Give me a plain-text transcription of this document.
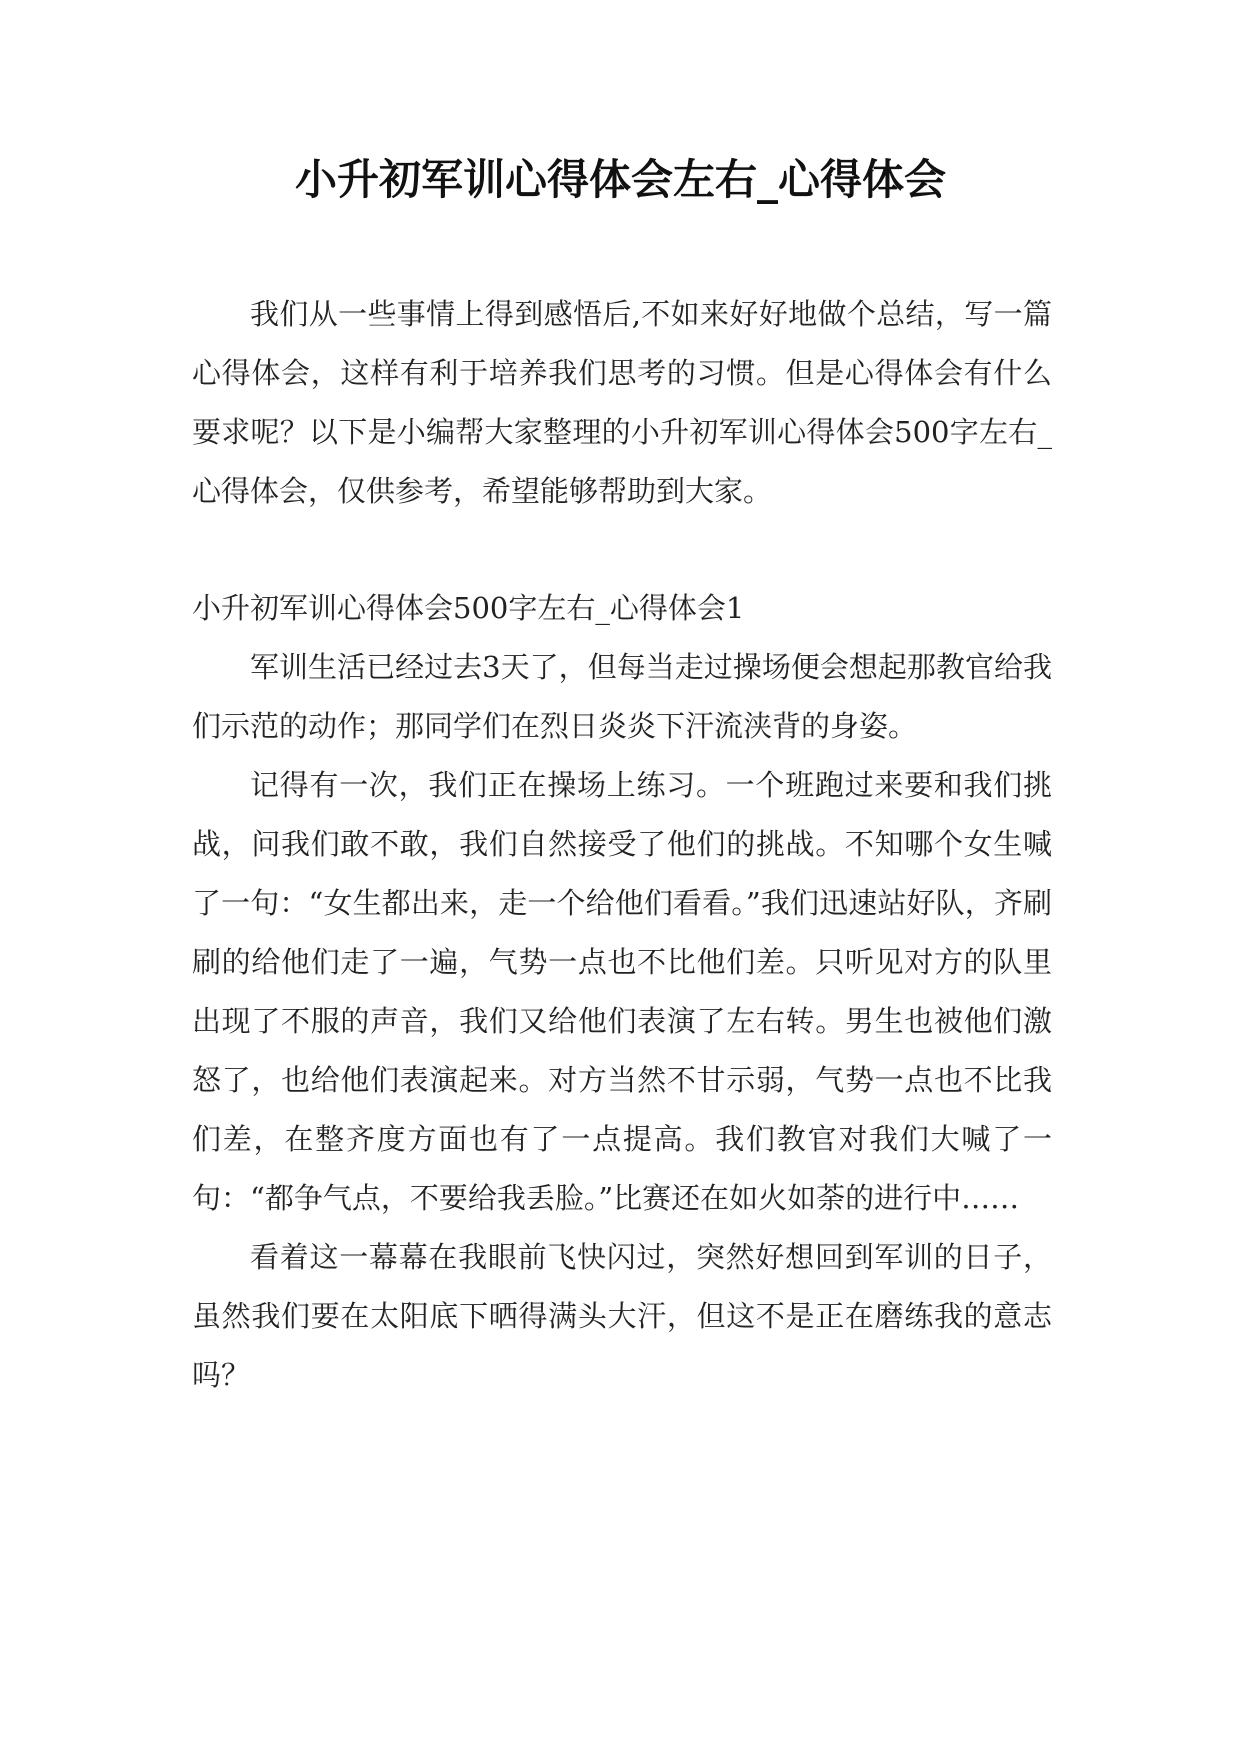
小升初军训心得体会左右_心得体会

我们从一些事情上得到感悟后,不如来好好地做个总结，写一篇心得体会，这样有利于培养我们思考的习惯。但是心得体会有什么要求呢？以下是小编帮大家整理的小升初军训心得体会500字左右_心得体会，仅供参考，希望能够帮助到大家。

小升初军训心得体会500字左右_心得体会1

军训生活已经过去3天了，但每当走过操场便会想起那教官给我们示范的动作；那同学们在烈日炎炎下汗流浃背的身姿。

记得有一次，我们正在操场上练习。一个班跑过来要和我们挑战，问我们敢不敢，我们自然接受了他们的挑战。不知哪个女生喊了一句：“女生都出来，走一个给他们看看。”我们迅速站好队，齐刷刷的给他们走了一遍，气势一点也不比他们差。只听见对方的队里出现了不服的声音，我们又给他们表演了左右转。男生也被他们激怒了，也给他们表演起来。对方当然不甘示弱，气势一点也不比我们差，在整齐度方面也有了一点提高。我们教官对我们大喊了一句：“都争气点，不要给我丢脸。”比赛还在如火如荼的进行中……

看着这一幕幕在我眼前飞快闪过，突然好想回到军训的日子，虽然我们要在太阳底下晒得满头大汗，但这不是正在磨练我的意志吗？
